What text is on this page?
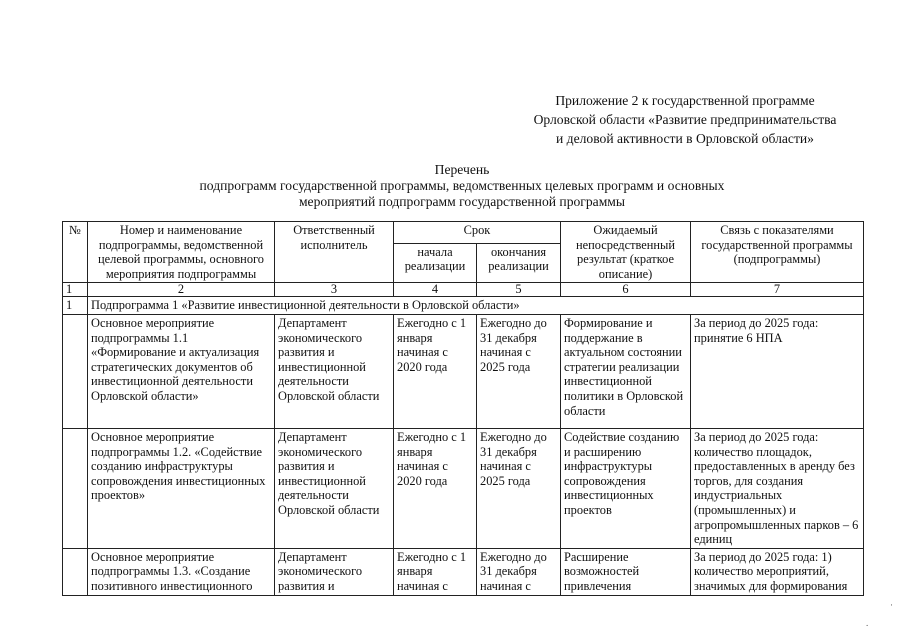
Приложение 2 к государственной программе
Орловской области «Развитие предпринимательства
и деловой активности в Орловской области»
Перечень
подпрограмм государственной программы, ведомственных целевых программ и основных
мероприятий подпрограмм государственной программы
№	Номер и наименование подпрограммы, ведомственной целевой программы, основного мероприятия подпрограммы	Ответственный исполнитель	Срок		Ожидаемый непосредственный результат (краткое описание)	Связь с показателями государственной программы (подпрограммы)
			начала реализации	окончания реализации		
1	2	3	4	5	6	7
1	Подпрограмма 1 «Развитие инвестиционной деятельности в Орловской области»					
	Основное мероприятие подпрограммы 1.1 «Формирование и актуализация стратегических документов об инвестиционной деятельности Орловской области»	Департамент экономического развития и инвестиционной деятельности Орловской области	Ежегодно с 1 января начиная с 2020 года	Ежегодно до 31 декабря начиная с 2025 года	Формирование и поддержание в актуальном состоянии стратегии реализации инвестиционной политики в Орловской области	За период до 2025 года: принятие 6 НПА
	Основное мероприятие подпрограммы 1.2. «Содействие созданию инфраструктуры сопровождения инвестиционных проектов»	Департамент экономического развития и инвестиционной деятельности Орловской области	Ежегодно с 1 января начиная с 2020 года	Ежегодно до 31 декабря начиная с 2025 года	Содействие созданию и расширению инфраструктуры сопровождения инвестиционных проектов	За период до 2025 года: количество площадок, предоставленных в аренду без торгов, для создания индустриальных (промышленных) и агропромышленных парков – 6 единиц
	Основное мероприятие подпрограммы 1.3. «Создание позитивного инвестиционного	Департамент экономического развития и	Ежегодно с 1 января начиная с	Ежегодно до 31 декабря начиная с	Расширение возможностей привлечения	За период до 2025 года: 1) количество мероприятий, значимых для формирования
.
·
